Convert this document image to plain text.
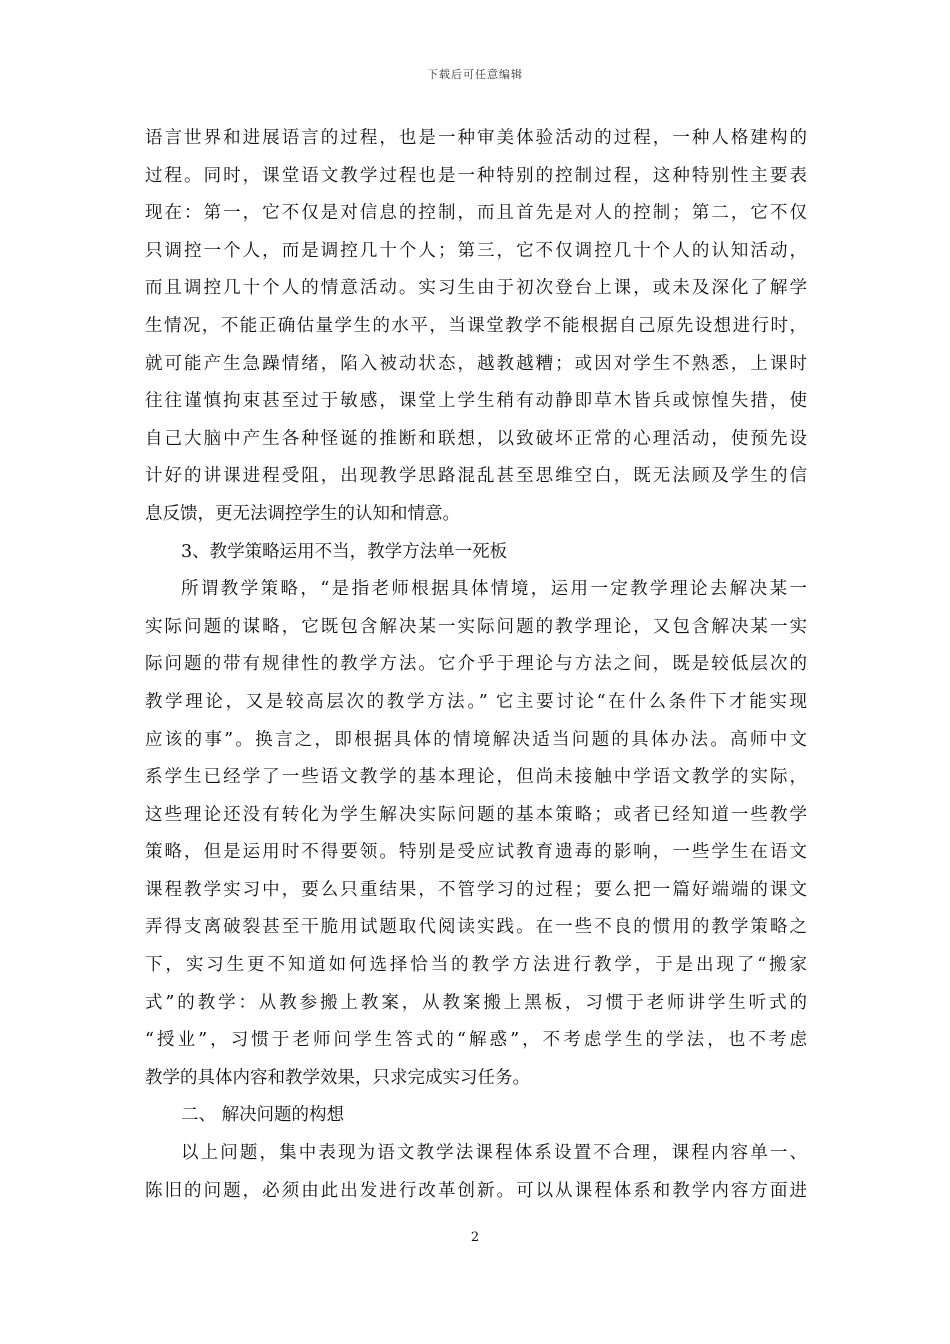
下载后可任意编辑
语言世界和进展语言的过程，也是一种审美体验活动的过程，一种人格建构的
过程。同时，课堂语文教学过程也是一种特别的控制过程，这种特别性主要表
现在：第一，它不仅是对信息的控制，而且首先是对人的控制；第二，它不仅
只调控一个人，而是调控几十个人；第三，它不仅调控几十个人的认知活动，
而且调控几十个人的情意活动。实习生由于初次登台上课，或未及深化了解学
生情况，不能正确估量学生的水平，当课堂教学不能根据自己原先设想进行时，
就可能产生急躁情绪，陷入被动状态，越教越糟；或因对学生不熟悉，上课时
往往谨慎拘束甚至过于敏感，课堂上学生稍有动静即草木皆兵或惊惶失措，使
自己大脑中产生各种怪诞的推断和联想，以致破坏正常的心理活动，使预先设
计好的讲课进程受阻，出现教学思路混乱甚至思维空白，既无法顾及学生的信
息反馈，更无法调控学生的认知和情意。
3、教学策略运用不当，教学方法单一死板
所谓教学策略，“是指老师根据具体情境，运用一定教学理论去解决某一
实际问题的谋略，它既包含解决某一实际问题的教学理论，又包含解决某一实
际问题的带有规律性的教学方法。它介乎于理论与方法之间，既是较低层次的
教学理论，又是较高层次的教学方法。” 它主要讨论“在什么条件下才能实现
应该的事”。换言之，即根据具体的情境解决适当问题的具体办法。高师中文
系学生已经学了一些语文教学的基本理论，但尚未接触中学语文教学的实际，
这些理论还没有转化为学生解决实际问题的基本策略；或者已经知道一些教学
策略，但是运用时不得要领。特别是受应试教育遗毒的影响，一些学生在语文
课程教学实习中，要么只重结果，不管学习的过程；要么把一篇好端端的课文
弄得支离破裂甚至干脆用试题取代阅读实践。在一些不良的惯用的教学策略之
下，实习生更不知道如何选择恰当的教学方法进行教学，于是出现了“搬家
式”的教学：从教参搬上教案，从教案搬上黑板，习惯于老师讲学生听式的
“授业”，习惯于老师问学生答式的“解惑”，不考虑学生的学法，也不考虑
教学的具体内容和教学效果，只求完成实习任务。
二、 解决问题的构想
以上问题，集中表现为语文教学法课程体系设置不合理，课程内容单一、
陈旧的问题，必须由此出发进行改革创新。可以从课程体系和教学内容方面进
2
